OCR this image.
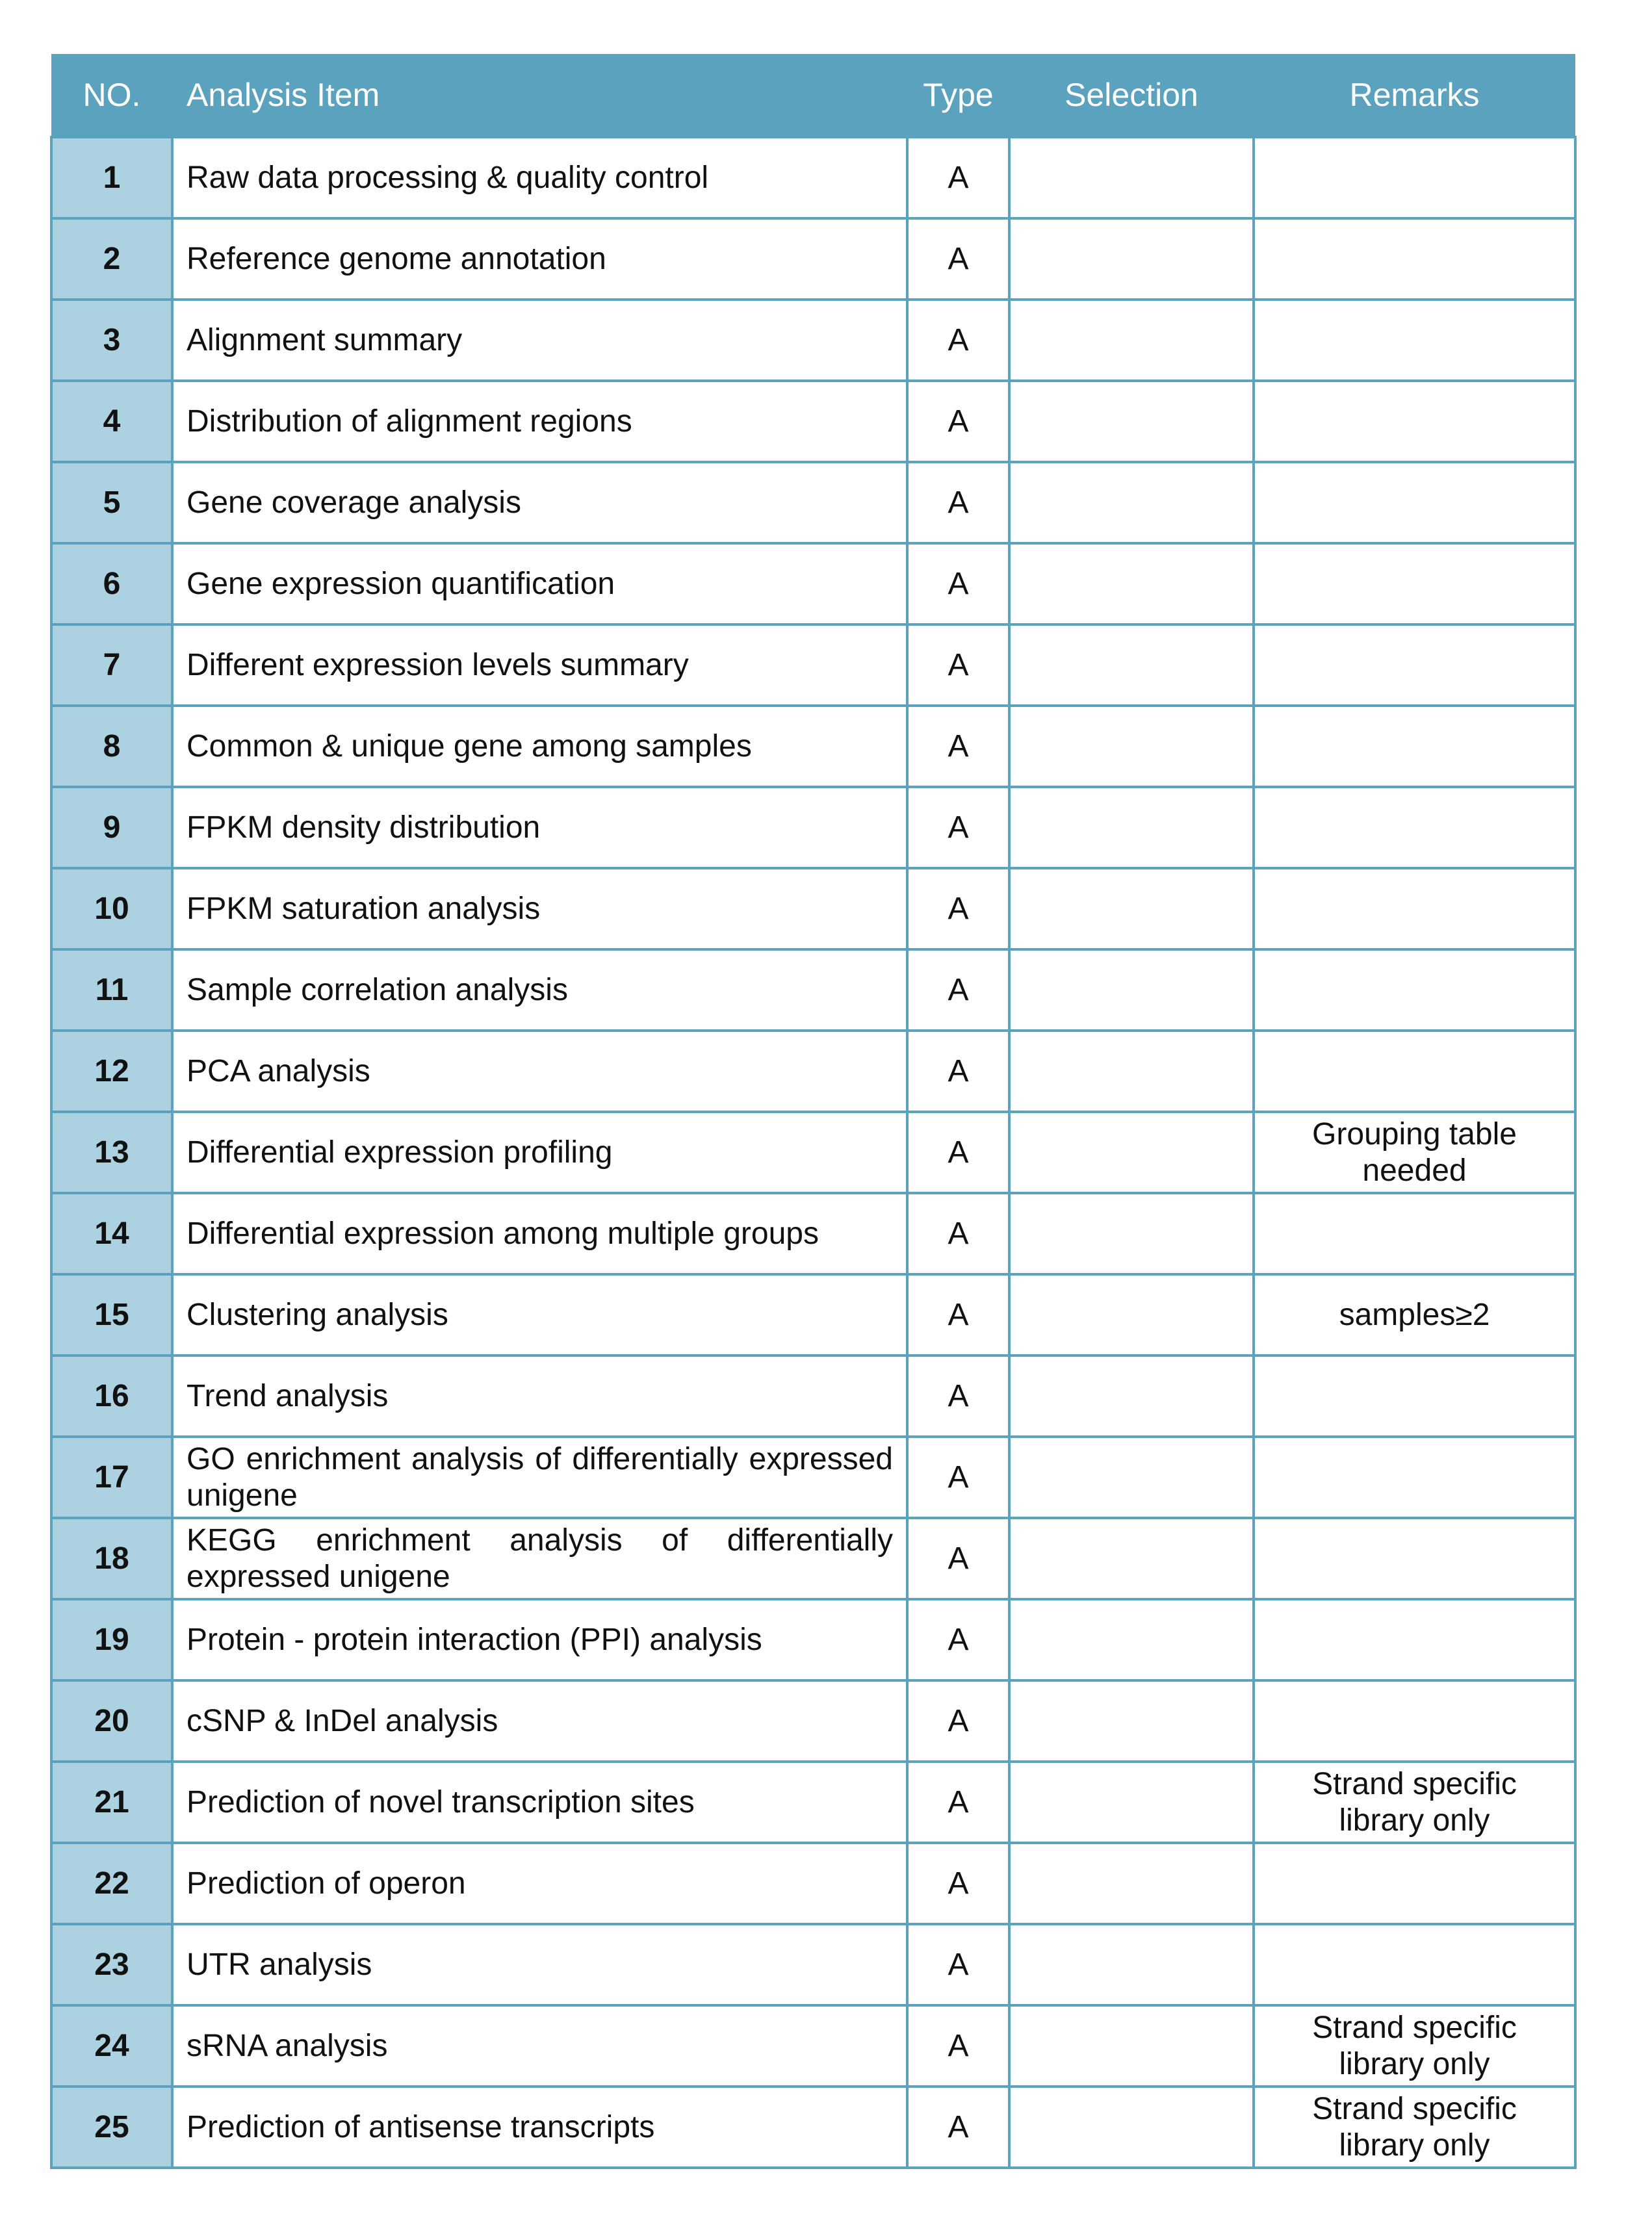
NO.	Analysis Item	Type	Selection	Remarks
1	Raw data processing & quality control	A		
2	Reference genome annotation	A		
3	Alignment summary	A		
4	Distribution of alignment regions	A		
5	Gene coverage analysis	A		
6	Gene expression quantification	A		
7	Different expression levels summary	A		
8	Common & unique gene among samples	A		
9	FPKM density distribution	A		
10	FPKM saturation analysis	A		
11	Sample correlation analysis	A		
12	PCA analysis	A		
13	Differential expression profiling	A		Grouping table needed
14	Differential expression among multiple groups	A		
15	Clustering analysis	A		samples≥2
16	Trend analysis	A		
17	GO enrichment analysis of differentially expressed unigene	A		
18	KEGG enrichment analysis of differentially expressed unigene	A		
19	Protein - protein interaction (PPI) analysis	A		
20	cSNP & InDel analysis	A		
21	Prediction of novel transcription sites	A		Strand specific library only
22	Prediction of operon	A		
23	UTR analysis	A		
24	sRNA analysis	A		Strand specific library only
25	Prediction of antisense transcripts	A		Strand specific library only
